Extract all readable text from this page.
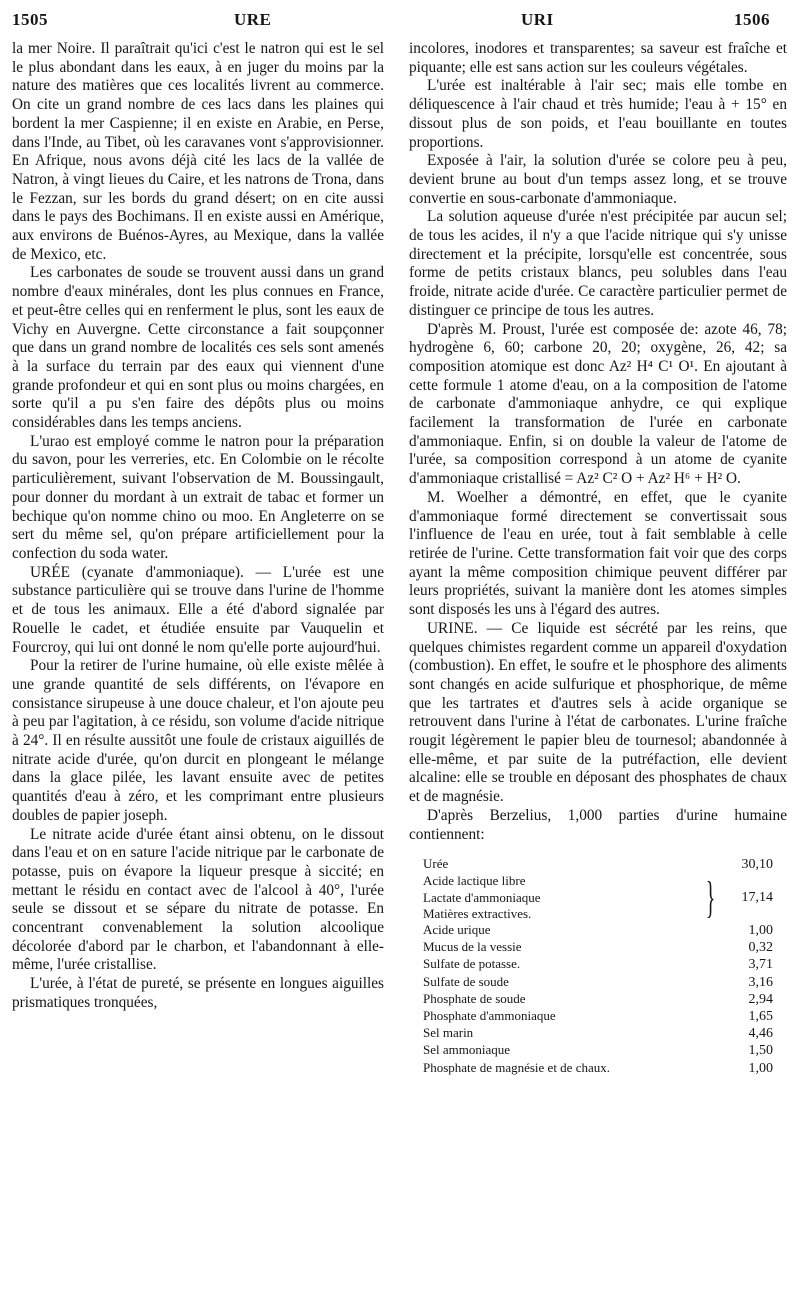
1505	URE	URI	1506

la mer Noire. Il paraîtrait qu'ici c'est le natron qui est le sel le plus abondant dans les eaux, à en juger du moins par la nature des matières que ces localités livrent au commerce. On cite un grand nombre de ces lacs dans les plaines qui bordent la mer Caspienne; il en existe en Arabie, en Perse, dans l'Inde, au Tibet, où les caravanes vont s'approvisionner. En Afrique, nous avons déjà cité les lacs de la vallée de Natron, à vingt lieues du Caire, et les natrons de Trona, dans le Fezzan, sur les bords du grand désert; on en cite aussi dans le pays des Bochimans. Il en existe aussi en Amérique, aux environs de Buénos-Ayres, au Mexique, dans la vallée de Mexico, etc.

Les carbonates de soude se trouvent aussi dans un grand nombre d'eaux minérales, dont les plus connues en France, et peut-être celles qui en renferment le plus, sont les eaux de Vichy en Auvergne. Cette circonstance a fait soupçonner que dans un grand nombre de localités ces sels sont amenés à la surface du terrain par des eaux qui viennent d'une grande profondeur et qui en sont plus ou moins chargées, en sorte qu'il a pu s'en faire des dépôts plus ou moins considérables dans les temps anciens.

L'urao est employé comme le natron pour la préparation du savon, pour les verreries, etc. En Colombie on le récolte particulièrement, suivant l'observation de M. Boussingault, pour donner du mordant à un extrait de tabac et former un bechique qu'on nomme chino ou moo. En Angleterre on se sert du même sel, qu'on prépare artificiellement pour la confection du soda water.

URÉE (cyanate d'ammoniaque). — L'urée est une substance particulière qui se trouve dans l'urine de l'homme et de tous les animaux. Elle a été d'abord signalée par Rouelle le cadet, et étudiée ensuite par Vauquelin et Fourcroy, qui lui ont donné le nom qu'elle porte aujourd'hui.

Pour la retirer de l'urine humaine, où elle existe mêlée à une grande quantité de sels différents, on l'évapore en consistance sirupeuse à une douce chaleur, et l'on ajoute peu à peu par l'agitation, à ce résidu, son volume d'acide nitrique à 24°. Il en résulte aussitôt une foule de cristaux aiguillés de nitrate acide d'urée, qu'on durcit en plongeant le mélange dans la glace pilée, les lavant ensuite avec de petites quantités d'eau à zéro, et les comprimant entre plusieurs doubles de papier joseph.

Le nitrate acide d'urée étant ainsi obtenu, on le dissout dans l'eau et on en sature l'acide nitrique par le carbonate de potasse, puis on évapore la liqueur presque à siccité; en mettant le résidu en contact avec de l'alcool à 40°, l'urée seule se dissout et se sépare du nitrate de potasse. En concentrant convenablement la solution alcoolique décolorée d'abord par le charbon, et l'abandonnant à elle-même, l'urée cristallise.

L'urée, à l'état de pureté, se présente en longues aiguilles prismatiques tronquées,

incolores, inodores et transparentes; sa saveur est fraîche et piquante; elle est sans action sur les couleurs végétales.

L'urée est inaltérable à l'air sec; mais elle tombe en déliquescence à l'air chaud et très humide; l'eau à + 15° en dissout plus de son poids, et l'eau bouillante en toutes proportions.

Exposée à l'air, la solution d'urée se colore peu à peu, devient brune au bout d'un temps assez long, et se trouve convertie en sous-carbonate d'ammoniaque.

La solution aqueuse d'urée n'est précipitée par aucun sel; de tous les acides, il n'y a que l'acide nitrique qui s'y unisse directement et la précipite, lorsqu'elle est concentrée, sous forme de petits cristaux blancs, peu solubles dans l'eau froide, nitrate acide d'urée. Ce caractère particulier permet de distinguer ce principe de tous les autres.

D'après M. Proust, l'urée est composée de: azote 46, 78; hydrogène 6, 60; carbone 20, 20; oxygène, 26, 42; sa composition atomique est donc Az² H⁴ C¹ O¹. En ajoutant à cette formule 1 atome d'eau, on a la composition de l'atome de carbonate d'ammoniaque anhydre, ce qui explique facilement la transformation de l'urée en carbonate d'ammoniaque. Enfin, si on double la valeur de l'atome de l'urée, sa composition correspond à un atome de cyanite d'ammoniaque cristallisé = Az² C² O + Az² H⁶ + H² O.

M. Woelher a démontré, en effet, que le cyanite d'ammoniaque formé directement se convertissait sous l'influence de l'eau en urée, tout à fait semblable à celle retirée de l'urine. Cette transformation fait voir que des corps ayant la même composition chimique peuvent différer par leurs propriétés, suivant la manière dont les atomes simples sont disposés les uns à l'égard des autres.

URINE. — Ce liquide est sécrété par les reins, que quelques chimistes regardent comme un appareil d'oxydation (combustion). En effet, le soufre et le phosphore des aliments sont changés en acide sulfurique et phosphorique, de même que les tartrates et d'autres sels à acide organique se retrouvent dans l'urine à l'état de carbonates. L'urine fraîche rougit légèrement le papier bleu de tournesol; abandonnée à elle-même, et par suite de la putréfaction, elle devient alcaline: elle se trouble en déposant des phosphates de chaux et de magnésie.

D'après Berzelius, 1,000 parties d'urine humaine contiennent:

Urée	30,10
Acide lactique libre
Lactate d'ammoniaque
Matières extractives.	}	17,14
Acide urique	1,00
Mucus de la vessie	0,32
Sulfate de potasse.	3,71
Sulfate de soude	3,16
Phosphate de soude	2,94
Phosphate d'ammoniaque	1,65
Sel marin	4,46
Sel ammoniaque	1,50
Phosphate de magnésie et de chaux.	1,00
